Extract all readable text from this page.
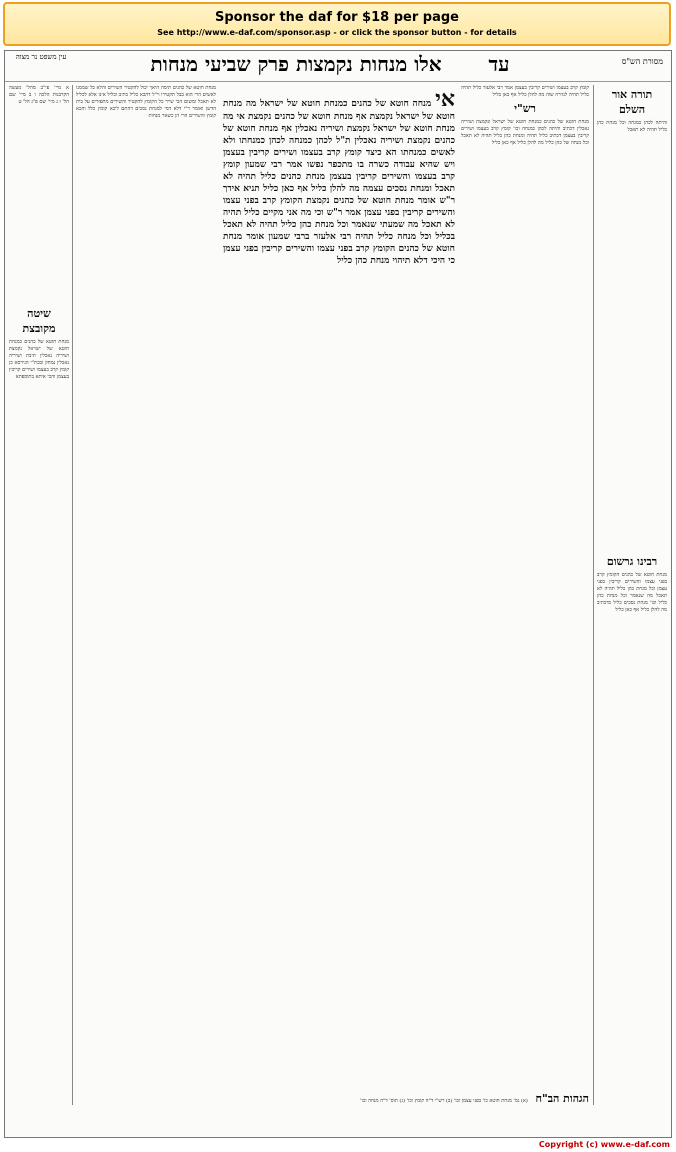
Sponsor the daf for $18 per page
See http://www.e-daf.com/sponsor.asp - or click the sponsor button - for details
עין משפט נר מצוה	עד אלו מנחות נקמצות פרק שביעי מנחות	מסורת הש"ס
א מיי' פי"ב מהל' מעשה הקרבנות הלכה ו ב מיי' שם הל' ז ג מיי' שם פ"ג הל' ט
שיטה מקובצת
מנחת חוטא של כהנים כמנחת חוטא של ישראל נקמצת ושיריה נאכלין תיבת ושיריה נאכלין נמחק ובכת"י הגירסא כן קומץ קרב בעצמו ושירים קריבין בעצמן והכי איתא בתוספתא
מנחת חוטא של כהנים תימה היאך יכול להקטיר השירים והלא כל שממנו לאשים הרי הוא בבל תקטירו וי"ל דהכא כליל כתיב וכליל אינו אלא לכליל לא תאכל ומשום הכי שייר כל הקומץ להקטיר והשירים מתפזרים על בית הדשן ואומר ר"י דלא דמי למנחת נסכים דהתם ליכא קומץ כלל והכא קומץ והשירים הרי הן כשאר מנחות
אי מנחה חוטא של כהנים כמנחת חוטא של ישראל מה מנחת חוטא של ישראל נקמצת אף מנחת חוטא של כהנים נקמצת אי מה מנחת חוטא של ישראל נקמצת ושיריה נאכלין אף מנחת חוטא של כהנים נקמצת ושיריה נאכלין ת"ל לכהן כמנחה לכהן כמנחתו ולא לאשים כמנחתו הא כיצד קומץ קרב בעצמו ושירים קריבין בעצמן ויש שהיא עבודה כשרה בו מתכפר נפשו אמר רבי שמעון קומץ קרב בעצמו והשירים קריבין בעצמן מנחת כהנים כליל תהיה לא תאכל ומנחת נסכים עצמה מה להלן כליל אף כאן כליל תניא אידך ר"ש אומר מנחת חוטא של כהנים נקמצת הקומץ קרב בפני עצמו והשירים קריבין בפני עצמן אמר ר"ש וכי מה אני מקיים כליל תהיה לא תאכל מה שמעתי שנאמר וכל מנחת כהן כליל תהיה לא תאכל בכליל וכל מנחה כליל תהיה רבי אלעזר ברבי שמעון אומר מנחת חוטא של כהנים הקומץ קרב בפני עצמו והשירים קריבין בפני עצמן כי היכי דלא תיהוי מנחת כהן כליל
קומץ קרב בעצמו ושירים קריבין בעצמן אמר רבי אלעזר כליל תהיה כליל תהיה לגזירה שוה מה להלן כליל אף כאן כליל
רש"י
מנחת חוטא של כהנים כמנחת חוטא של ישראל ונקמצת ושיריה נאכלין דכתיב והיתה לכהן כמנחה וכו' קומץ קרב בעצמו ושירים קריבין בעצמן דכתיב כליל תהיה ומנחת כהן כליל תהיה לא תאכל וכל מנחה של כהן כליל מה להלן כליל אף כאן כליל
תורה אור השלם
והיתה לכהן כמנחה וכל מנחת כהן כליל תהיה לא תאכל
רבינו גרשום
מנחת חוטא של כהנים הקומץ קרב בפני עצמו והשירים קריבין בפני עצמן וכל מנחת כהן כליל תהיה לא תאכל מה שנאמר וכל מנחת כהן כליל וכו' מנחת נסכים כליל כדכתיב מה להלן כליל אף כאן כליל
הגהות הב"ח (א) גמ' מנחת חוטא כו' בפני עצמן וכו' (ב) רש"י ד"ה קומץ וכו' (ג) תוס' ד"ה מנחה וכו'
Copyright (c) www.e-daf.com
